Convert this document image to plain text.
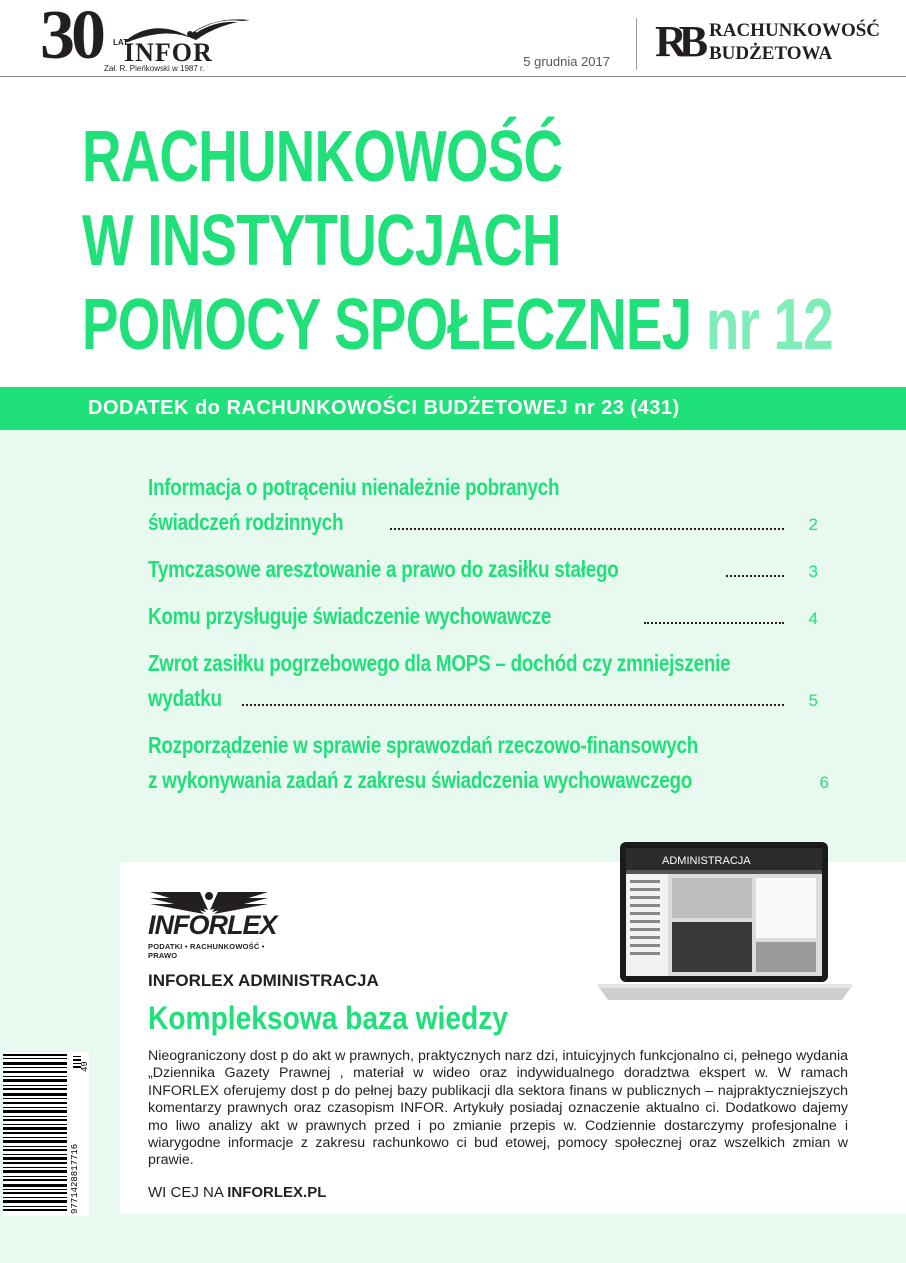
30 LAT
INFOR
Zał. R. Pieńkowski w 1987 r.	5 grudnia 2017 RB RACHUNKOWOŚĆ
BUDŻETOWA
RACHUNKOWOŚĆ
W INSTYTUCJACH
POMOCY SPOŁECZNEJ nr 12
DODATEK do RACHUNKOWOŚCI BUDŻETOWEJ nr 23 (431)
Informacja o potrąceniu nienależnie pobranych
świadczeń rodzinnych	2
Tymczasowe aresztowanie a prawo do zasiłku stałego	3
Komu przysługuje świadczenie wychowawcze	4
Zwrot zasiłku pogrzebowego dla MOPS – dochód czy zmniejszenie
wydatku	5
Rozporządzenie w sprawie sprawozdań rzeczowo-finansowych
z wykonywania zadań z zakresu świadczenia wychowawczego	6
INFORLEX
PODATKI • RACHUNKOWOŚĆ • PRAWO
ADMINISTRACJA
INFORLEX ADMINISTRACJA
Kompleksowa baza wiedzy
Nieograniczony dost p do akt w prawnych, praktycznych narz dzi, intuicyjnych funkcjonalno ci, pełnego wydania „Dziennika Gazety Prawnej , materiał w wideo oraz indywidualnego doradztwa ekspert w. W ramach INFORLEX oferujemy dost p do pełnej bazy publikacji dla sektora finans w publicznych – najpraktyczniejszych komentarzy prawnych oraz czasopism INFOR. Artykuły posiadaj oznaczenie aktualno ci. Dodatkowo dajemy mo liwo analizy akt w prawnych przed i po zmianie przepis w. Codziennie dostarczymy profesjonalne i wiarygodne informacje z zakresu rachunkowo ci bud etowej, pomocy społecznej oraz wszelkich zmian w prawie.
WI CEJ NA INFORLEX.PL
9771428817716
49
